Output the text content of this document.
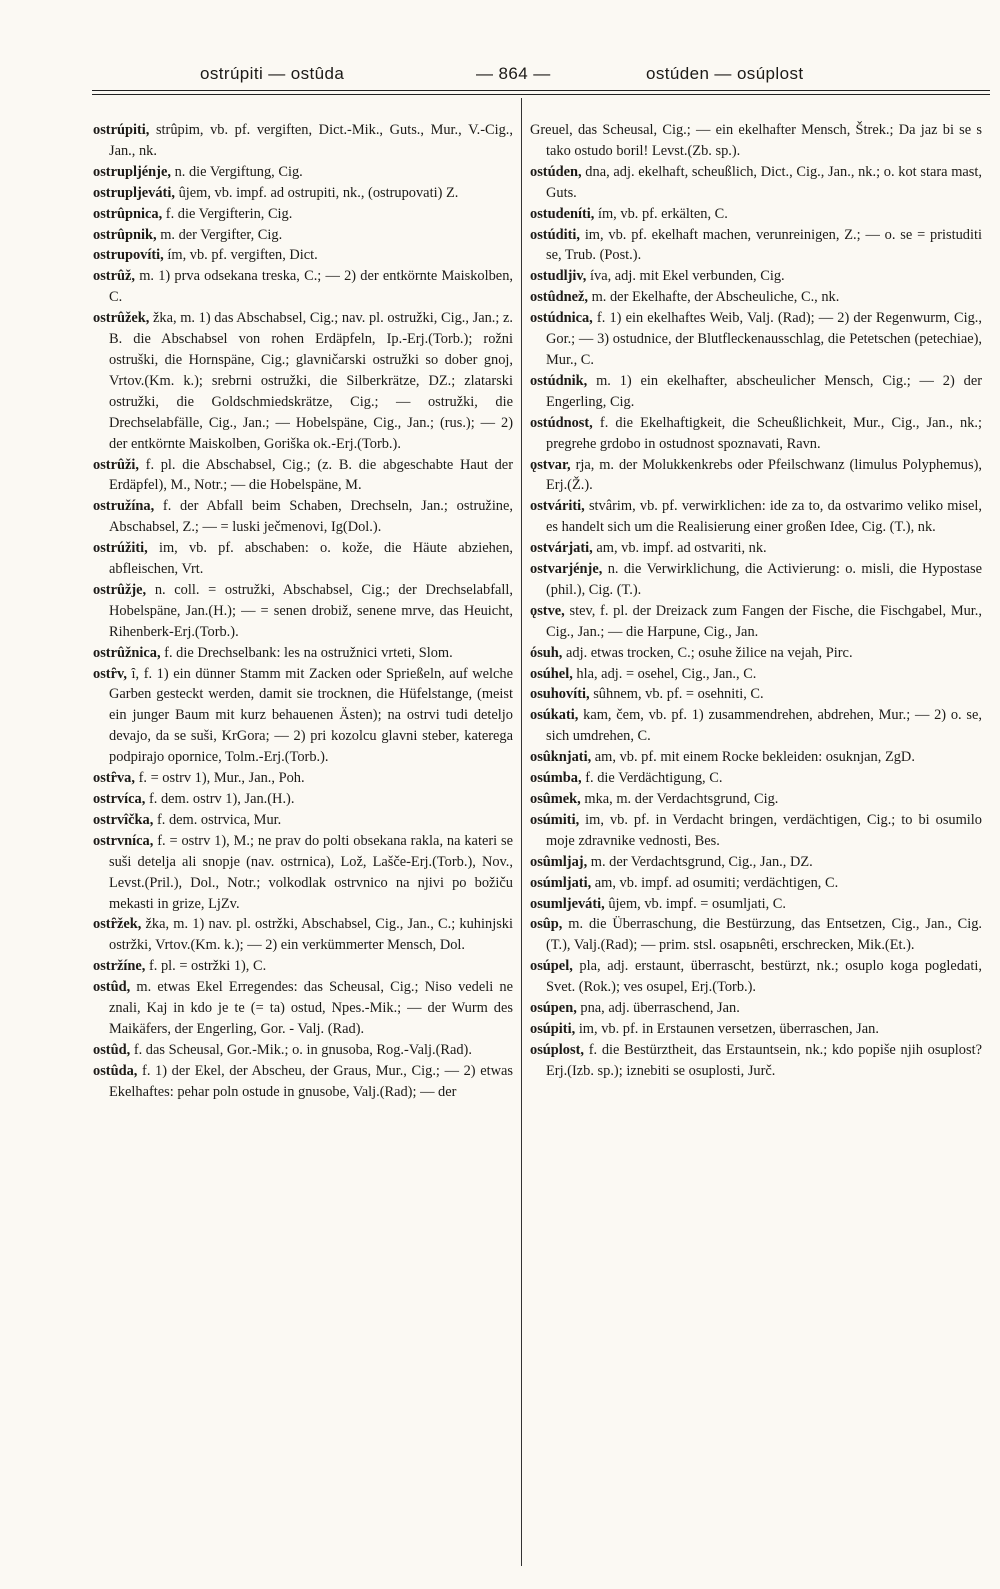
ostrúpiti — ostûda	— 864 —	ostúden — osúplost

ostrúpiti, strûpim, vb. pf. vergiften, Dict.-Mik., Guts., Mur., V.-Cig., Jan., nk.

ostrupljénje, n. die Vergiftung, Cig.

ostrupljeváti, ûjem, vb. impf. ad ostrupiti, nk., (ostrupovati) Z.

ostrûpnica, f. die Vergifterin, Cig.

ostrûpnik, m. der Vergifter, Cig.

ostrupovíti, ím, vb. pf. vergiften, Dict.

ostrûž, m. 1) prva odsekana treska, C.; — 2) der entkörnte Maiskolben, C.

ostrûžek, žka, m. 1) das Abschabsel, Cig.; nav. pl. ostružki, Cig., Jan.; z. B. die Abschabsel von rohen Erdäpfeln, Ip.-Erj.(Torb.); rožni ostruški, die Hornspäne, Cig.; glavničarski ostružki so dober gnoj, Vrtov.(Km. k.); srebrni ostružki, die Silberkrätze, DZ.; zlatarski ostružki, die Goldschmiedskrätze, Cig.; — ostružki, die Drechselabfälle, Cig., Jan.; — Hobelspäne, Cig., Jan.; (rus.); — 2) der entkörnte Maiskolben, Goriška ok.-Erj.(Torb.).

ostrûži, f. pl. die Abschabsel, Cig.; (z. B. die abgeschabte Haut der Erdäpfel), M., Notr.; — die Hobelspäne, M.

ostružína, f. der Abfall beim Schaben, Drechseln, Jan.; ostružine, Abschabsel, Z.; — = luski ječmenovi, Ig(Dol.).

ostrúžiti, im, vb. pf. abschaben: o. kože, die Häute abziehen, abfleischen, Vrt.

ostrûžje, n. coll. = ostružki, Abschabsel, Cig.; der Drechselabfall, Hobelspäne, Jan.(H.); — = senen drobiž, senene mrve, das Heuicht, Rihenberk-Erj.(Torb.).

ostrûžnica, f. die Drechselbank: les na ostružnici vrteti, Slom.

ostȓv, ȋ, f. 1) ein dünner Stamm mit Zacken oder Sprießeln, auf welche Garben gesteckt werden, damit sie trocknen, die Hüfelstange, (meist ein junger Baum mit kurz behauenen Ästen); na ostrvi tudi deteljo devajo, da se suši, KrGora; — 2) pri kozolcu glavni steber, katerega podpirajo opornice, Tolm.-Erj.(Torb.).

ostȓva, f. = ostrv 1), Mur., Jan., Poh.

ostrvíca, f. dem. ostrv 1), Jan.(H.).

ostrvîčka, f. dem. ostrvica, Mur.

ostrvníca, f. = ostrv 1), M.; ne prav do polti obsekana rakla, na kateri se suši detelja ali snopje (nav. ostrnica), Lož, Lašče-Erj.(Torb.), Nov., Levst.(Pril.), Dol., Notr.; volkodlak ostrvnico na njivi po božiču mekasti in grize, LjZv.

ostȓžek, žka, m. 1) nav. pl. ostržki, Abschabsel, Cig., Jan., C.; kuhinjski ostržki, Vrtov.(Km. k.); — 2) ein verkümmerter Mensch, Dol.

ostržíne, f. pl. = ostržki 1), C.

ostûd, m. etwas Ekel Erregendes: das Scheusal, Cig.; Niso vedeli ne znali, Kaj in kdo je te (= ta) ostud, Npes.-Mik.; — der Wurm des Maikäfers, der Engerling, Gor. - Valj. (Rad).

ostûd, f. das Scheusal, Gor.-Mik.; o. in gnusoba, Rog.-Valj.(Rad).

ostûda, f. 1) der Ekel, der Abscheu, der Graus, Mur., Cig.; — 2) etwas Ekelhaftes: pehar poln ostude in gnusobe, Valj.(Rad); — der

Greuel, das Scheusal, Cig.; — ein ekelhafter Mensch, Štrek.; Da jaz bi se s tako ostudo boril! Levst.(Zb. sp.).

ostúden, dna, adj. ekelhaft, scheußlich, Dict., Cig., Jan., nk.; o. kot stara mast, Guts.

ostudeníti, ím, vb. pf. erkälten, C.

ostúditi, im, vb. pf. ekelhaft machen, verunreinigen, Z.; — o. se = pristuditi se, Trub. (Post.).

ostudljiv, íva, adj. mit Ekel verbunden, Cig.

ostûdnež, m. der Ekelhafte, der Abscheuliche, C., nk.

ostúdnica, f. 1) ein ekelhaftes Weib, Valj. (Rad); — 2) der Regenwurm, Cig., Gor.; — 3) ostudnice, der Blutfleckenausschlag, die Petetschen (petechiae), Mur., C.

ostúdnik, m. 1) ein ekelhafter, abscheulicher Mensch, Cig.; — 2) der Engerling, Cig.

ostúdnost, f. die Ekelhaftigkeit, die Scheußlichkeit, Mur., Cig., Jan., nk.; pregrehe grdobo in ostudnost spoznavati, Ravn.

ǫstvar, rja, m. der Molukkenkrebs oder Pfeilschwanz (limulus Polyphemus), Erj.(Ž.).

ostváriti, stvârim, vb. pf. verwirklichen: ide za to, da ostvarimo veliko misel, es handelt sich um die Realisierung einer großen Idee, Cig. (T.), nk.

ostvárjati, am, vb. impf. ad ostvariti, nk.

ostvarjénje, n. die Verwirklichung, die Activierung: o. misli, die Hypostase (phil.), Cig. (T.).

ǫstve, stev, f. pl. der Dreizack zum Fangen der Fische, die Fischgabel, Mur., Cig., Jan.; — die Harpune, Cig., Jan.

ósuh, adj. etwas trocken, C.; osuhe žilice na vejah, Pirc.

osúhel, hla, adj. = osehel, Cig., Jan., C.

osuhovíti, sûhnem, vb. pf. = osehniti, C.

osúkati, kam, čem, vb. pf. 1) zusammendrehen, abdrehen, Mur.; — 2) o. se, sich umdrehen, C.

osûknjati, am, vb. pf. mit einem Rocke bekleiden: osuknjan, ZgD.

osúmba, f. die Verdächtigung, C.

osûmek, mka, m. der Verdachtsgrund, Cig.

osúmiti, im, vb. pf. in Verdacht bringen, verdächtigen, Cig.; to bi osumilo moje zdravnike vednosti, Bes.

osûmljaj, m. der Verdachtsgrund, Cig., Jan., DZ.

osúmljati, am, vb. impf. ad osumiti; verdächtigen, C.

osumljeváti, ûjem, vb. impf. = osumljati, C.

osûp, m. die Überraschung, die Bestürzung, das Entsetzen, Cig., Jan., Cig.(T.), Valj.(Rad); — prim. stsl. osapьnêti, erschrecken, Mik.(Et.).

osúpel, pla, adj. erstaunt, überrascht, bestürzt, nk.; osuplo koga pogledati, Svet. (Rok.); ves osupel, Erj.(Torb.).

osúpen, pna, adj. überraschend, Jan.

osúpiti, im, vb. pf. in Erstaunen versetzen, überraschen, Jan.

osúplost, f. die Bestürztheit, das Erstauntsein, nk.; kdo popiše njih osuplost? Erj.(Izb. sp.); iznebiti se osuplosti, Jurč.
